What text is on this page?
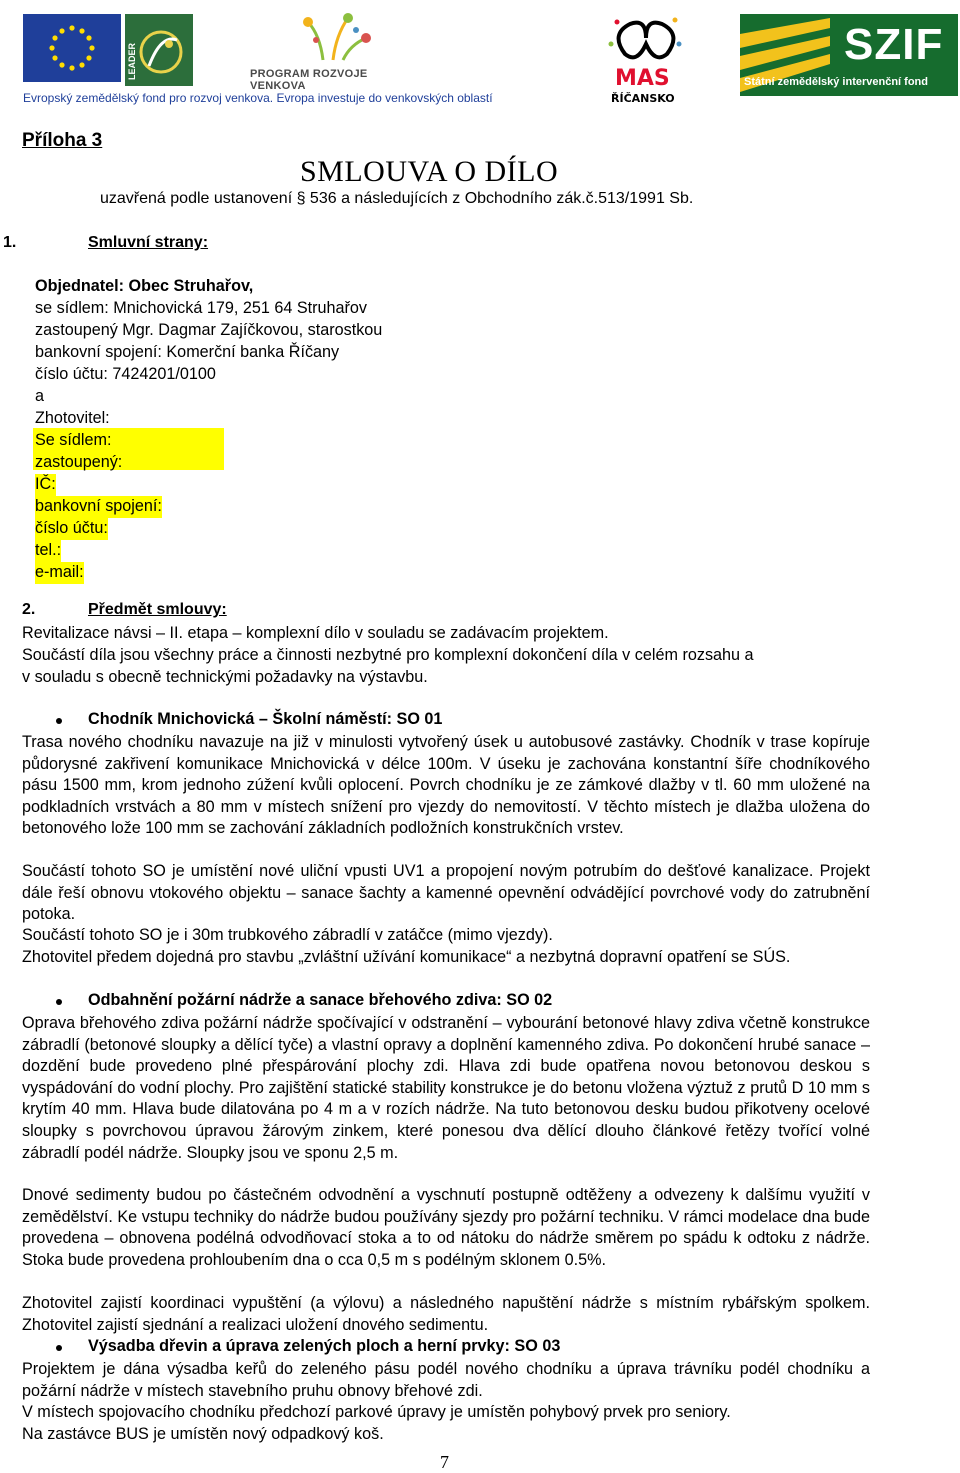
LEADER	PROGRAM ROZVOJE VENKOVA	MAS
ŘÍČANSKO
SZIF
Státní zemědělský intervenční fond
Evropský zemědělský fond pro rozvoj venkova. Evropa investuje do venkovských oblastí
Příloha 3
SMLOUVA O DÍLO
uzavřená podle ustanovení § 536 a následujících z Obchodního zák.č.513/1991 Sb.
1.	Smluvní strany:
Objednatel: Obec Struhařov,
se sídlem: Mnichovická 179, 251 64 Struhařov
zastoupený Mgr. Dagmar Zajíčkovou, starostkou
bankovní spojení: Komerční banka Říčany
číslo účtu: 7424201/0100
a
Zhotovitel:
Se sídlem:
zastoupený:
IČ:
bankovní spojení:
číslo účtu:
tel.:
e-mail:
2.	Předmět smlouvy:
Revitalizace návsi – II. etapa – komplexní dílo v souladu se zadávacím projektem.
Součástí díla jsou všechny práce a činnosti nezbytné pro komplexní dokončení díla v celém rozsahu a
v souladu s obecně technickými požadavky na výstavbu.
Chodník Mnichovická – Školní náměstí: SO 01
Trasa nového chodníku navazuje na již v minulosti vytvořený úsek u autobusové zastávky. Chodník v trase kopíruje půdorysné zakřivení komunikace Mnichovická v délce 100m. V úseku je zachována konstantní šíře chodníkového pásu 1500 mm, krom jednoho zúžení kvůli oplocení. Povrch chodníku je ze zámkové dlažby v tl. 60 mm uložené na podkladních vrstvách a 80 mm v místech snížení pro vjezdy do nemovitostí. V těchto místech je dlažba uložena do betonového lože 100 mm se zachování základních podložních konstrukčních vrstev.
Součástí tohoto SO je umístění nové uliční vpusti UV1 a propojení novým potrubím do dešťové kanalizace. Projekt dále řeší obnovu vtokového objektu – sanace šachty a kamenné opevnění odvádějící povrchové vody do zatrubnění potoka.
Součástí tohoto SO je i 30m trubkového zábradlí v zatáčce (mimo vjezdy).
Zhotovitel předem dojedná pro stavbu „zvláštní užívání komunikace“ a nezbytná dopravní opatření se SÚS.
Odbahnění požární nádrže a sanace břehového zdiva: SO 02
Oprava břehového zdiva požární nádrže spočívající v odstranění – vybourání betonové hlavy zdiva včetně konstrukce zábradlí (betonové sloupky a dělící tyče) a vlastní opravy a doplnění kamenného zdiva. Po dokončení hrubé sanace – dozdění bude provedeno plné přespárování plochy zdi. Hlava zdi bude opatřena novou betonovou deskou s vyspádování do vodní plochy. Pro zajištění statické stability konstrukce je do betonu vložena výztuž z prutů D 10 mm s krytím 40 mm. Hlava bude dilatována po 4 m a v rozích nádrže. Na tuto betonovou desku budou přikotveny ocelové sloupky s povrchovou úpravou žárovým zinkem, které ponesou dva dělící dlouho článkové řetězy tvořící volné zábradlí podél nádrže. Sloupky jsou ve sponu 2,5 m.
Dnové sedimenty budou po částečném odvodnění a vyschnutí postupně odtěženy a odvezeny k dalšímu využití v zemědělství. Ke vstupu techniky do nádrže budou používány sjezdy pro požární techniku. V rámci modelace dna bude provedena – obnovena podélná odvodňovací stoka a to od nátoku do nádrže směrem po spádu k odtoku z nádrže. Stoka bude provedena prohloubením dna o cca 0,5 m s podélným sklonem 0.5%.
Zhotovitel zajistí koordinaci vypuštění (a výlovu) a následného napuštění nádrže s místním rybářským spolkem. Zhotovitel zajistí sjednání a realizaci uložení dnového sedimentu.
Výsadba dřevin a úprava zelených ploch a herní prvky: SO 03
Projektem je dána výsadba keřů do zeleného pásu podél nového chodníku a úprava trávníku podél chodníku a požární nádrže v místech stavebního pruhu obnovy břehové zdi.
V místech spojovacího chodníku předchozí parkové úpravy je umístěn pohybový prvek pro seniory.
Na zastávce BUS je umístěn nový odpadkový koš.
7
